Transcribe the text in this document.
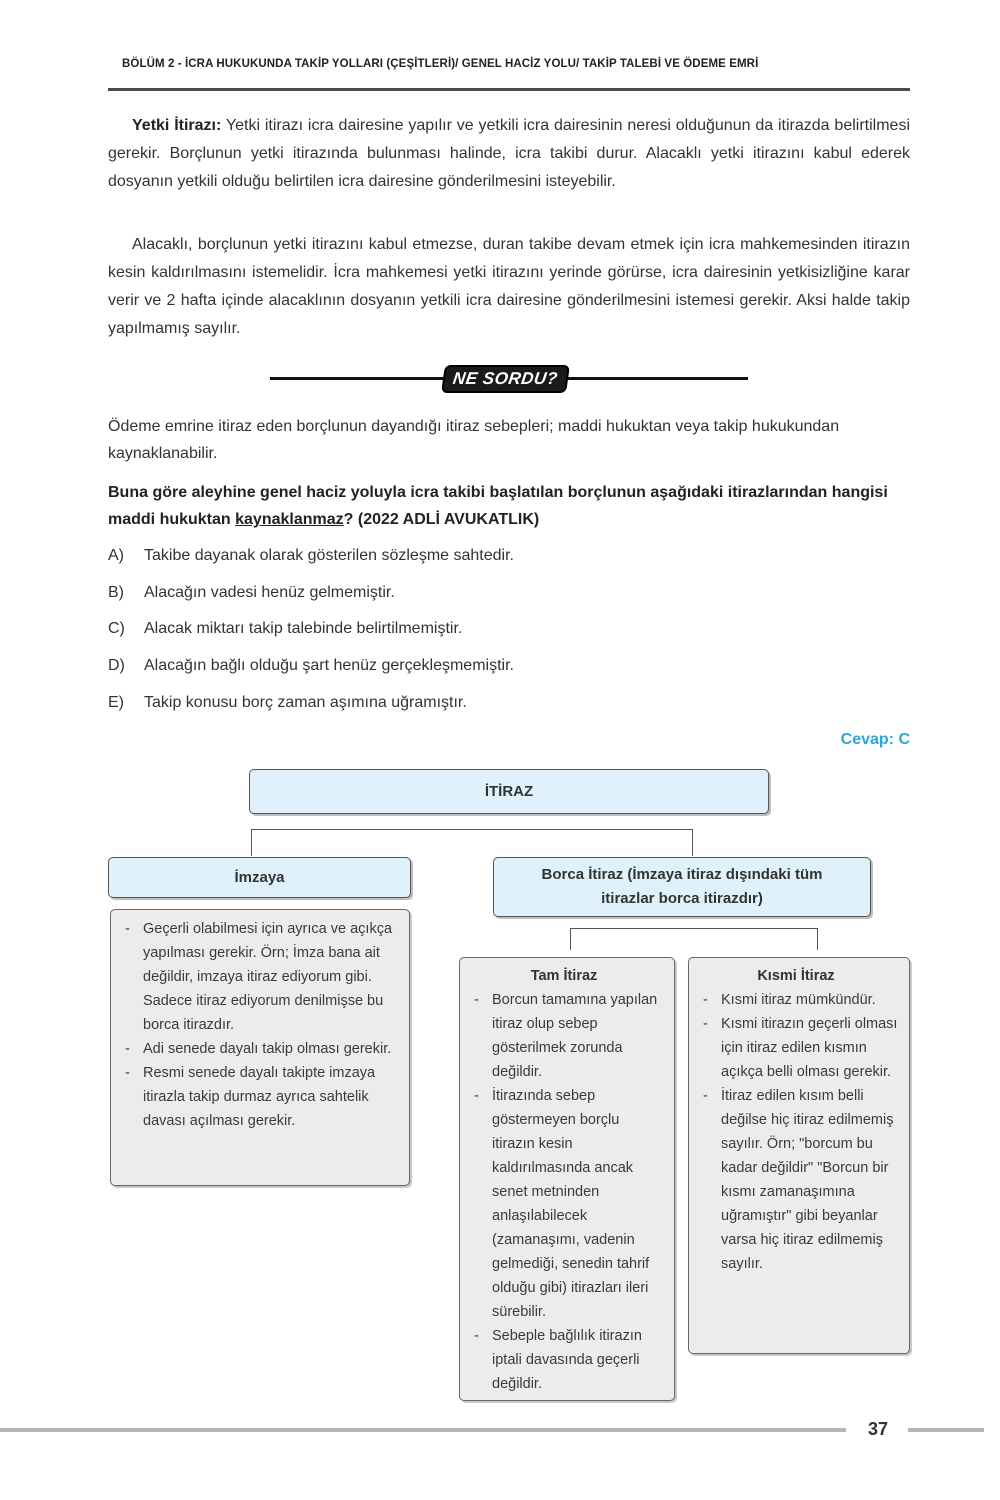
BÖLÜM 2 - İCRA HUKUKUNDA TAKİP YOLLARI (ÇEŞİTLERİ)/ GENEL HACİZ YOLU/ TAKİP TALEBİ VE ÖDEME EMRİ
Yetki İtirazı: Yetki itirazı icra dairesine yapılır ve yetkili icra dairesinin neresi olduğunun da itirazda belirtilmesi gerekir. Borçlunun yetki itirazında bulunması halinde, icra takibi durur. Alacaklı yetki itirazını kabul ederek dosyanın yetkili olduğu belirtilen icra dairesine gönderilmesini isteyebilir.
Alacaklı, borçlunun yetki itirazını kabul etmezse, duran takibe devam etmek için icra mahkemesinden itirazın kesin kaldırılmasını istemelidir. İcra mahkemesi yetki itirazını yerinde görürse, icra dairesinin yetkisizliğine karar verir ve 2 hafta içinde alacaklının dosyanın yetkili icra dairesine gönderilmesini istemesi gerekir. Aksi halde takip yapılmamış sayılır.
NE SORDU?
Ödeme emrine itiraz eden borçlunun dayandığı itiraz sebepleri; maddi hukuktan veya takip hukukundan kaynaklanabilir.
Buna göre aleyhine genel haciz yoluyla icra takibi başlatılan borçlunun aşağıdaki itirazlarından hangisi maddi hukuktan kaynaklanmaz? (2022 ADLİ AVUKATLIK)
A) Takibe dayanak olarak gösterilen sözleşme sahtedir.
B) Alacağın vadesi henüz gelmemiştir.
C) Alacak miktarı takip talebinde belirtilmemiştir.
D) Alacağın bağlı olduğu şart henüz gerçekleşmemiştir.
E) Takip konusu borç zaman aşımına uğramıştır.
Cevap: C
İTİRAZ
İmzaya	Borca İtiraz (İmzaya itiraz dışındaki tüm itirazlar borca itirazdır)
- Geçerli olabilmesi için ayrıca ve açıkça yapılması gerekir. Örn; İmza bana ait değildir, imzaya itiraz ediyorum gibi. Sadece itiraz ediyorum denilmişse bu borca itirazdır.
- Adi senede dayalı takip olması gerekir.
- Resmi senede dayalı takipte imzaya itirazla takip durmaz ayrıca sahtelik davası açılması gerekir.
Tam İtiraz
- Borcun tamamına yapılan itiraz olup sebep gösterilmek zorunda değildir.
- İtirazında sebep göstermeyen borçlu itirazın kesin kaldırılmasında ancak senet metninden anlaşılabilecek (zamanaşımı, vadenin gelmediği, senedin tahrif olduğu gibi) itirazları ileri sürebilir.
- Sebeple bağlılık itirazın iptali davasında geçerli değildir.
Kısmi İtiraz
- Kısmi itiraz mümkündür.
- Kısmi itirazın geçerli olması için itiraz edilen kısmın açıkça belli olması gerekir.
- İtiraz edilen kısım belli değilse hiç itiraz edilmemiş sayılır. Örn; "borcum bu kadar değildir" "Borcun bir kısmı zamanaşımına uğramıştır" gibi beyanlar varsa hiç itiraz edilmemiş sayılır.
37
